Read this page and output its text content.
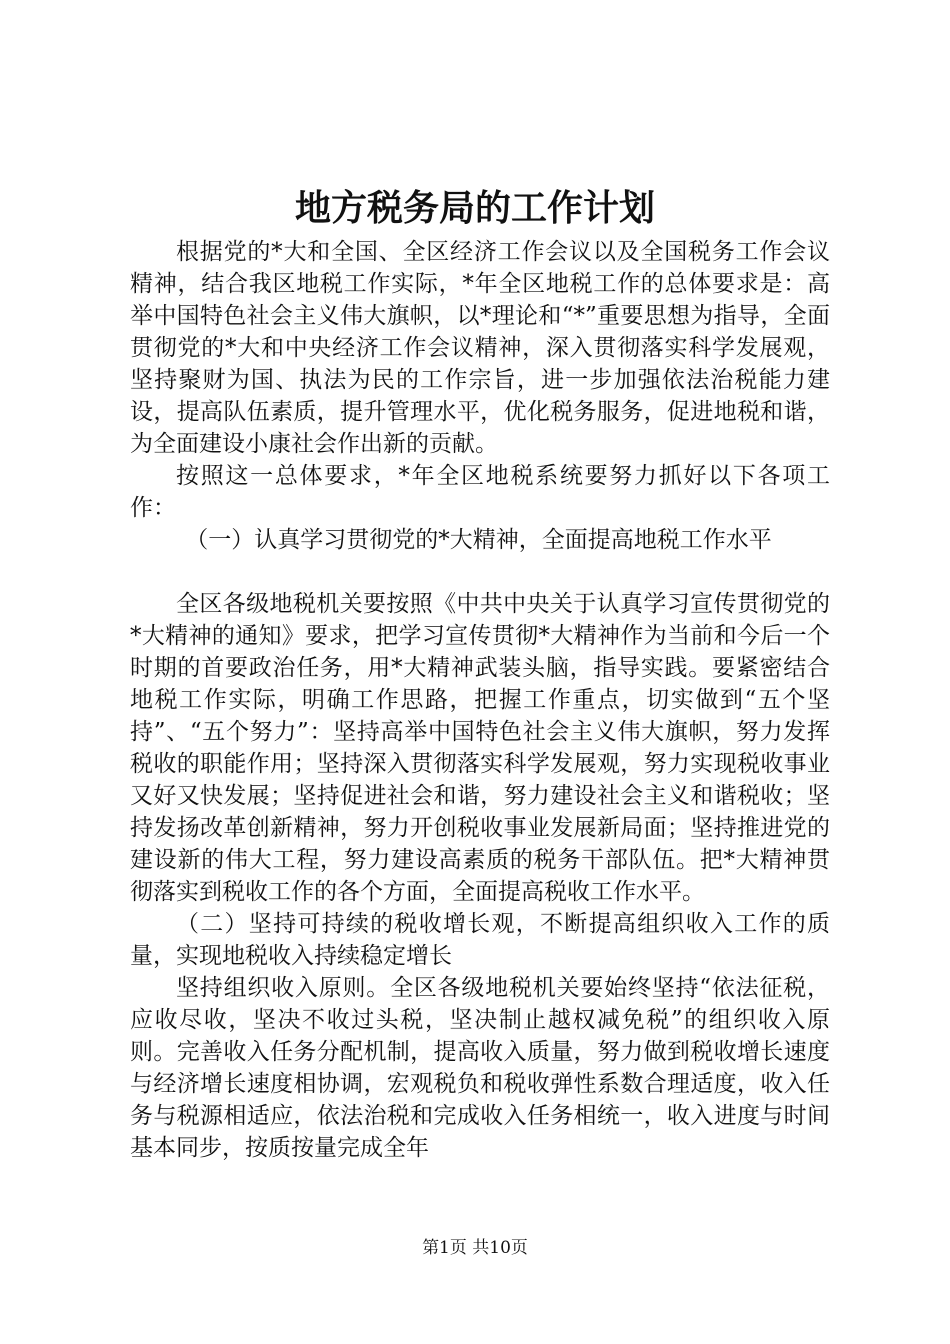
地方税务局的工作计划

根据党的*大和全国、全区经济工作会议以及全国税务工作会议精神，结合我区地税工作实际，*年全区地税工作的总体要求是：高举中国特色社会主义伟大旗帜，以*理论和“*”重要思想为指导，全面贯彻党的*大和中央经济工作会议精神，深入贯彻落实科学发展观，坚持聚财为国、执法为民的工作宗旨，进一步加强依法治税能力建设，提高队伍素质，提升管理水平，优化税务服务，促进地税和谐，为全面建设小康社会作出新的贡献。

按照这一总体要求，*年全区地税系统要努力抓好以下各项工作：

（一）认真学习贯彻党的*大精神，全面提高地税工作水平

全区各级地税机关要按照《中共中央关于认真学习宣传贯彻党的*大精神的通知》要求，把学习宣传贯彻*大精神作为当前和今后一个时期的首要政治任务，用*大精神武装头脑，指导实践。要紧密结合地税工作实际，明确工作思路，把握工作重点，切实做到“五个坚持”、“五个努力”：坚持高举中国特色社会主义伟大旗帜，努力发挥税收的职能作用；坚持深入贯彻落实科学发展观，努力实现税收事业又好又快发展；坚持促进社会和谐，努力建设社会主义和谐税收；坚持发扬改革创新精神，努力开创税收事业发展新局面；坚持推进党的建设新的伟大工程，努力建设高素质的税务干部队伍。把*大精神贯彻落实到税收工作的各个方面，全面提高税收工作水平。

（二）坚持可持续的税收增长观，不断提高组织收入工作的质量，实现地税收入持续稳定增长

坚持组织收入原则。全区各级地税机关要始终坚持“依法征税，应收尽收，坚决不收过头税，坚决制止越权减免税”的组织收入原则。完善收入任务分配机制，提高收入质量，努力做到税收增长速度与经济增长速度相协调，宏观税负和税收弹性系数合理适度，收入任务与税源相适应，依法治税和完成收入任务相统一，收入进度与时间基本同步，按质按量完成全年

第1页 共10页
